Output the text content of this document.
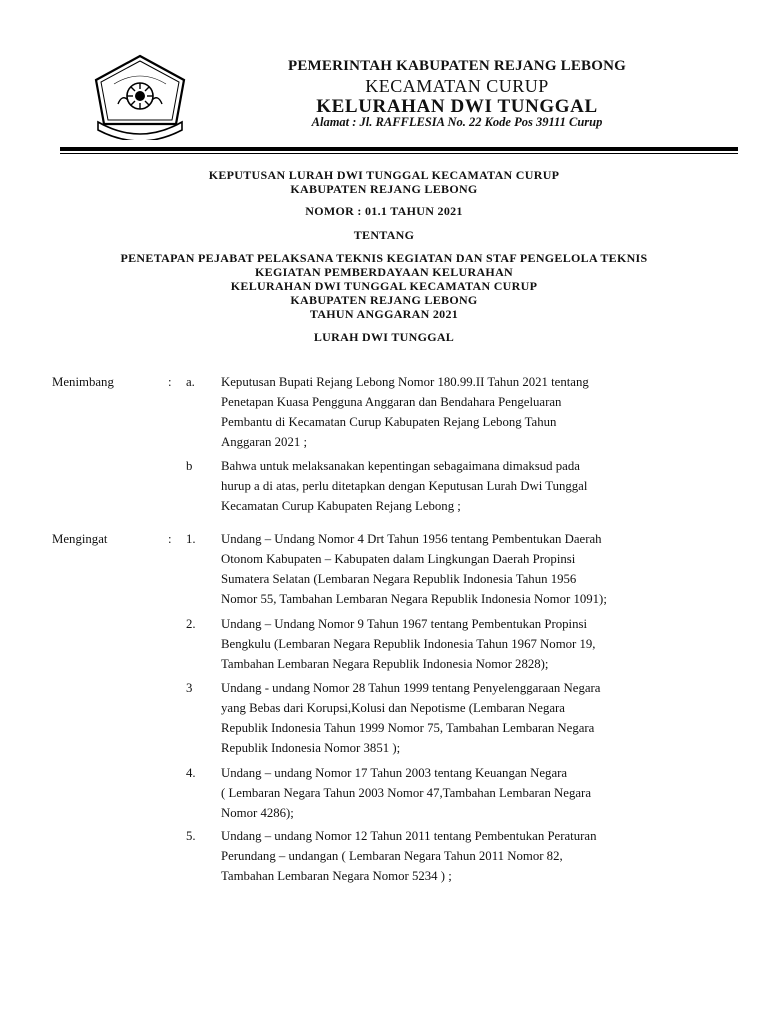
PEMERINTAH KABUPATEN REJANG LEBONG
KECAMATAN CURUP
KELURAHAN DWI TUNGGAL
Alamat : Jl. RAFFLESIA No. 22 Kode Pos 39111 Curup
KEPUTUSAN LURAH DWI TUNGGAL KECAMATAN CURUP
KABUPATEN REJANG LEBONG
NOMOR : 01.1 TAHUN 2021
TENTANG
PENETAPAN PEJABAT PELAKSANA TEKNIS KEGIATAN DAN STAF PENGELOLA TEKNIS
KEGIATAN PEMBERDAYAAN KELURAHAN
KELURAHAN DWI TUNGGAL KECAMATAN CURUP
KABUPATEN REJANG LEBONG
TAHUN ANGGARAN 2021
LURAH DWI TUNGGAL
Menimbang	: a. Keputusan Bupati Rejang Lebong Nomor 180.99.II Tahun 2021 tentang
Penetapan Kuasa Pengguna Anggaran dan Bendahara Pengeluaran
Pembantu di Kecamatan Curup Kabupaten Rejang Lebong Tahun
Anggaran 2021 ;
b Bahwa untuk melaksanakan kepentingan sebagaimana dimaksud pada
hurup a di atas, perlu ditetapkan dengan Keputusan Lurah Dwi Tunggal
Kecamatan Curup Kabupaten Rejang Lebong ;
Mengingat	: 1. Undang – Undang Nomor 4 Drt Tahun 1956 tentang Pembentukan Daerah
Otonom Kabupaten – Kabupaten dalam Lingkungan Daerah Propinsi
Sumatera Selatan (Lembaran Negara Republik Indonesia Tahun 1956
Nomor 55, Tambahan Lembaran Negara Republik Indonesia Nomor 1091);
2. Undang – Undang Nomor 9 Tahun 1967 tentang Pembentukan Propinsi
Bengkulu (Lembaran Negara Republik Indonesia Tahun 1967 Nomor 19,
Tambahan Lembaran Negara Republik Indonesia Nomor 2828);
3 Undang - undang Nomor 28 Tahun 1999 tentang Penyelenggaraan Negara
yang Bebas dari Korupsi,Kolusi dan Nepotisme (Lembaran Negara
Republik Indonesia Tahun 1999 Nomor 75, Tambahan Lembaran Negara
Republik Indonesia Nomor 3851 );
4. Undang – undang Nomor 17 Tahun 2003 tentang Keuangan Negara
( Lembaran Negara Tahun 2003 Nomor 47,Tambahan Lembaran Negara
Nomor 4286);
5. Undang – undang Nomor 12 Tahun 2011 tentang Pembentukan Peraturan
Perundang – undangan ( Lembaran Negara Tahun 2011 Nomor 82,
Tambahan Lembaran Negara Nomor 5234 ) ;
